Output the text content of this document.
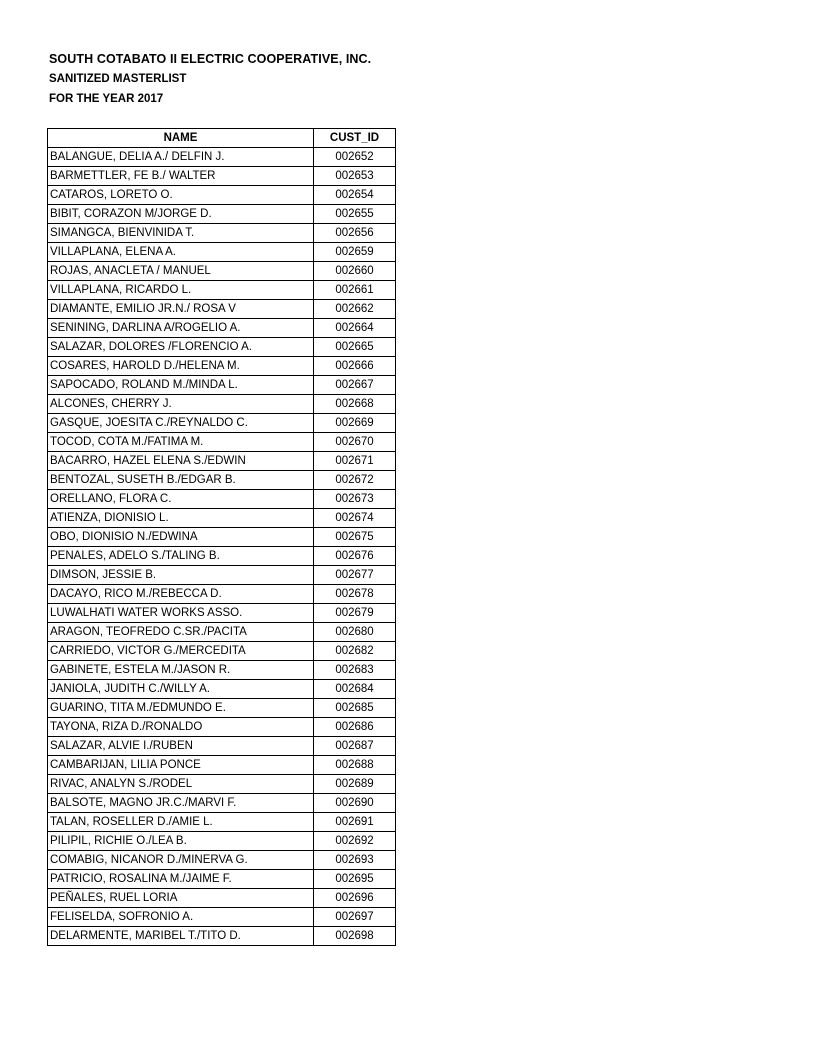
SOUTH COTABATO II ELECTRIC COOPERATIVE, INC.
SANITIZED MASTERLIST
FOR THE YEAR 2017
NAME	CUST_ID
BALANGUE, DELIA A./ DELFIN J.	002652
BARMETTLER, FE B./ WALTER	002653
CATAROS, LORETO O.	002654
BIBIT, CORAZON M/JORGE D.	002655
SIMANGCA, BIENVINIDA T.	002656
VILLAPLANA, ELENA A.	002659
ROJAS, ANACLETA / MANUEL	002660
VILLAPLANA, RICARDO L.	002661
DIAMANTE, EMILIO JR.N./ ROSA V	002662
SENINING, DARLINA A/ROGELIO A.	002664
SALAZAR, DOLORES /FLORENCIO A.	002665
COSARES, HAROLD D./HELENA M.	002666
SAPOCADO, ROLAND M./MINDA L.	002667
ALCONES, CHERRY J.	002668
GASQUE, JOESITA C./REYNALDO C.	002669
TOCOD, COTA M./FATIMA M.	002670
BACARRO, HAZEL ELENA S./EDWIN	002671
BENTOZAL, SUSETH B./EDGAR B.	002672
ORELLANO, FLORA C.	002673
ATIENZA, DIONISIO L.	002674
OBO, DIONISIO N./EDWINA	002675
PENALES, ADELO S./TALING B.	002676
DIMSON, JESSIE B.	002677
DACAYO, RICO M./REBECCA D.	002678
LUWALHATI WATER WORKS ASSO.	002679
ARAGON, TEOFREDO C.SR./PACITA	002680
CARRIEDO, VICTOR G./MERCEDITA	002682
GABINETE, ESTELA M./JASON R.	002683
JANIOLA, JUDITH C./WILLY A.	002684
GUARINO, TITA M./EDMUNDO E.	002685
TAYONA, RIZA D./RONALDO	002686
SALAZAR, ALVIE I./RUBEN	002687
CAMBARIJAN, LILIA PONCE	002688
RIVAC, ANALYN S./RODEL	002689
BALSOTE, MAGNO JR.C./MARVI F.	002690
TALAN, ROSELLER D./AMIE L.	002691
PILIPIL, RICHIE O./LEA B.	002692
COMABIG, NICANOR D./MINERVA G.	002693
PATRICIO, ROSALINA M./JAIME F.	002695
PEÑALES, RUEL LORIA	002696
FELISELDA, SOFRONIO A.	002697
DELARMENTE, MARIBEL T./TITO D.	002698
